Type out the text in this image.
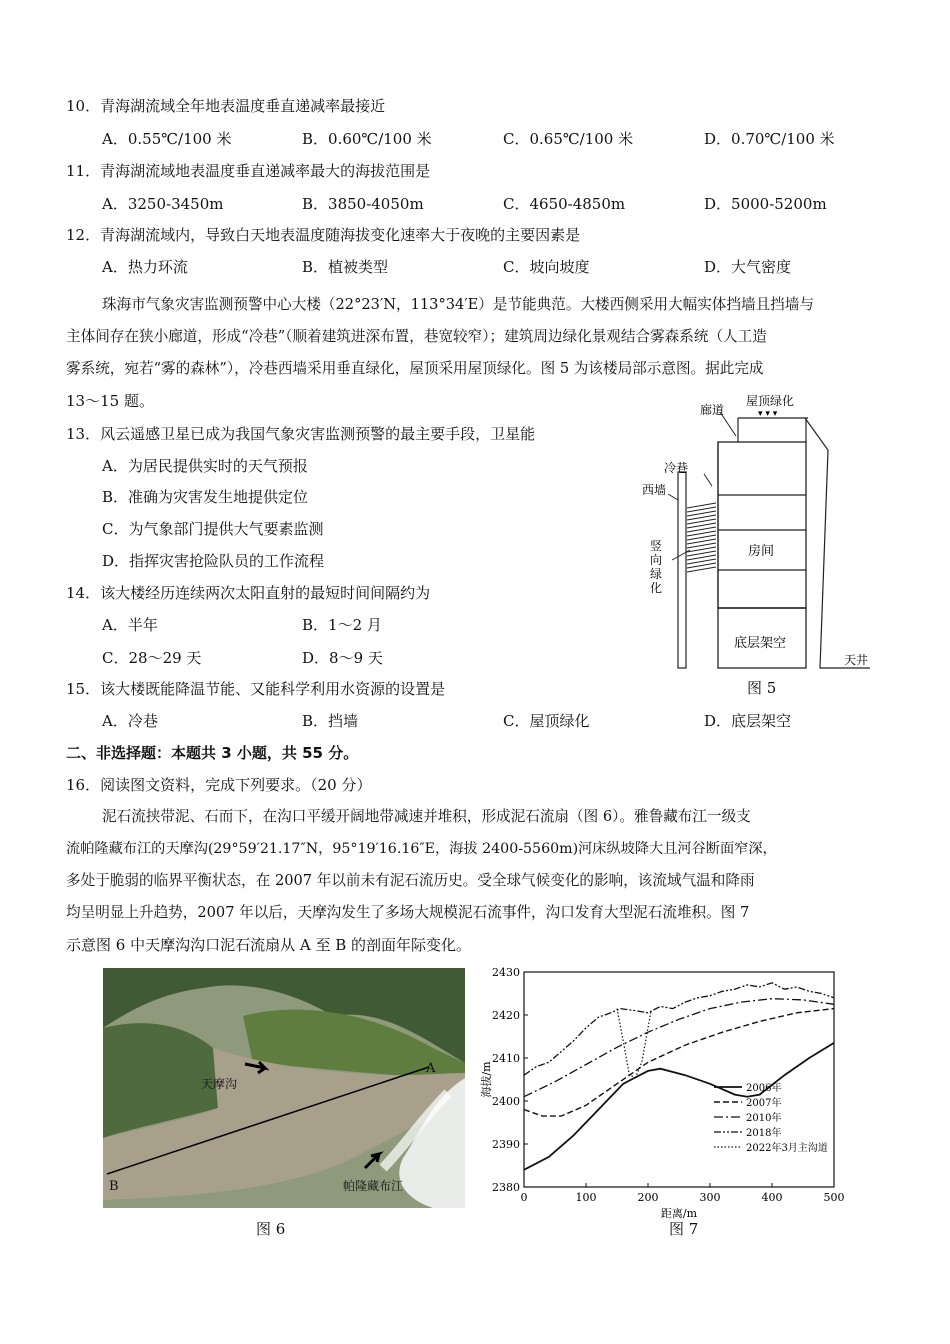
10．青海湖流域全年地表温度垂直递减率最接近
A．0.55℃/100 米	B．0.60℃/100 米	C．0.65℃/100 米	D．0.70℃/100 米
11．青海湖流域地表温度垂直递减率最大的海拔范围是
A．3250-3450m	B．3850-4050m	C．4650-4850m	D．5000-5200m
12．青海湖流域内，导致白天地表温度随海拔变化速率大于夜晚的主要因素是
A．热力环流	B．植被类型	C．坡向坡度	D．大气密度
珠海市气象灾害监测预警中心大楼（22°23′N，113°34′E）是节能典范。大楼西侧采用大幅实体挡墙且挡墙与
主体间存在狭小廊道，形成“冷巷”（顺着建筑进深布置，巷宽较窄）；建筑周边绿化景观结合雾森系统（人工造
雾系统，宛若“雾的森林”），冷巷西墙采用垂直绿化，屋顶采用屋顶绿化。图 5 为该楼局部示意图。据此完成
13～15 题。
13．风云遥感卫星已成为我国气象灾害监测预警的最主要手段，卫星能
A．为居民提供实时的天气预报
B．准确为灾害发生地提供定位
C．为气象部门提供大气要素监测
D．指挥灾害抢险队员的工作流程
14．该大楼经历连续两次太阳直射的最短时间间隔约为
A．半年	B．1～2 月
C．28～29 天	D．8～9 天
15．该大楼既能降温节能、又能科学利用水资源的设置是
A．冷巷	B．挡墙	C．屋顶绿化	D．底层架空
▾ ▾ ▾
廊道
屋顶绿化
冷巷
西墙
竖
向
绿
化
房间
底层架空
天井
图 5
二、非选择题：本题共 3 小题，共 55 分。
16．阅读图文资料，完成下列要求。（20 分）
泥石流挟带泥、石而下，在沟口平缓开阔地带减速并堆积，形成泥石流扇（图 6）。雅鲁藏布江一级支
流帕隆藏布江的天摩沟(29°59′21.17″N，95°19′16.16″E，海拔 2400-5560m)河床纵坡降大且河谷断面窄深，
多处于脆弱的临界平衡状态，在 2007 年以前未有泥石流历史。受全球气候变化的影响，该流域气温和降雨
均呈明显上升趋势，2007 年以后，天摩沟发生了多场大规模泥石流事件，沟口发育大型泥石流堆积。图 7
示意图 6 中天摩沟沟口泥石流扇从 A 至 B 的剖面年际变化。
天摩沟
A
B	帕隆藏布江
图 6
0	100	200	300	400	500
2380
2390
2400
2410
2420
2430
距离/m
海拔/m	2006年
2007年
2010年
2018年
2022年3月主沟道
图 7
